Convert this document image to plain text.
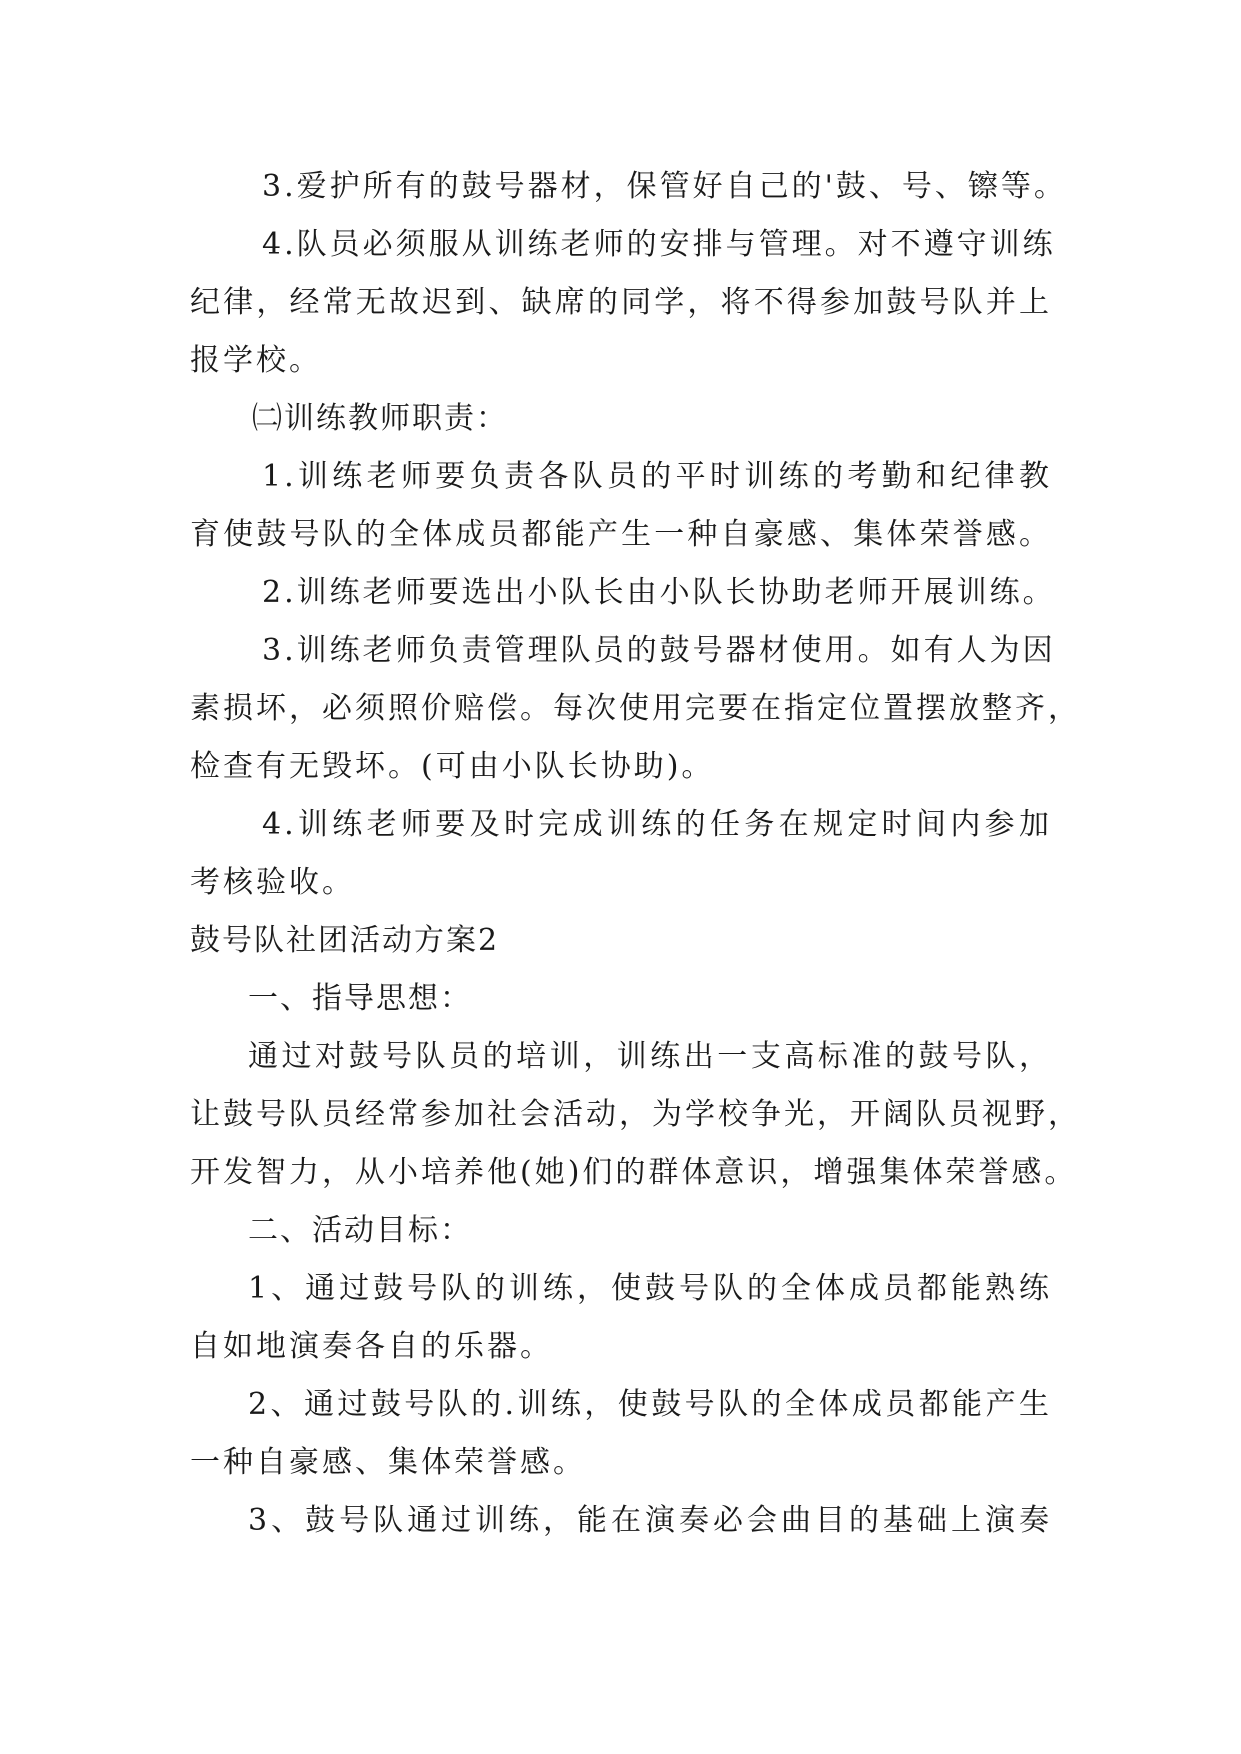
3.爱护所有的鼓号器材，保管好自己的'鼓、号、镲等。
4.队员必须服从训练老师的安排与管理。对不遵守训练
纪律，经常无故迟到、缺席的同学，将不得参加鼓号队并上
报学校。
㈡训练教师职责：
1.训练老师要负责各队员的平时训练的考勤和纪律教
育使鼓号队的全体成员都能产生一种自豪感、集体荣誉感。
2.训练老师要选出小队长由小队长协助老师开展训练。
3.训练老师负责管理队员的鼓号器材使用。如有人为因
素损坏，必须照价赔偿。每次使用完要在指定位置摆放整齐，
检查有无毁坏。(可由小队长协助)。
4.训练老师要及时完成训练的任务在规定时间内参加
考核验收。
鼓号队社团活动方案2
一、指导思想：
通过对鼓号队员的培训，训练出一支高标准的鼓号队，
让鼓号队员经常参加社会活动，为学校争光，开阔队员视野，
开发智力，从小培养他(她)们的群体意识，增强集体荣誉感。
二、活动目标：
1、通过鼓号队的训练，使鼓号队的全体成员都能熟练
自如地演奏各自的乐器。
2、通过鼓号队的.训练，使鼓号队的全体成员都能产生
一种自豪感、集体荣誉感。
3、鼓号队通过训练，能在演奏必会曲目的基础上演奏
